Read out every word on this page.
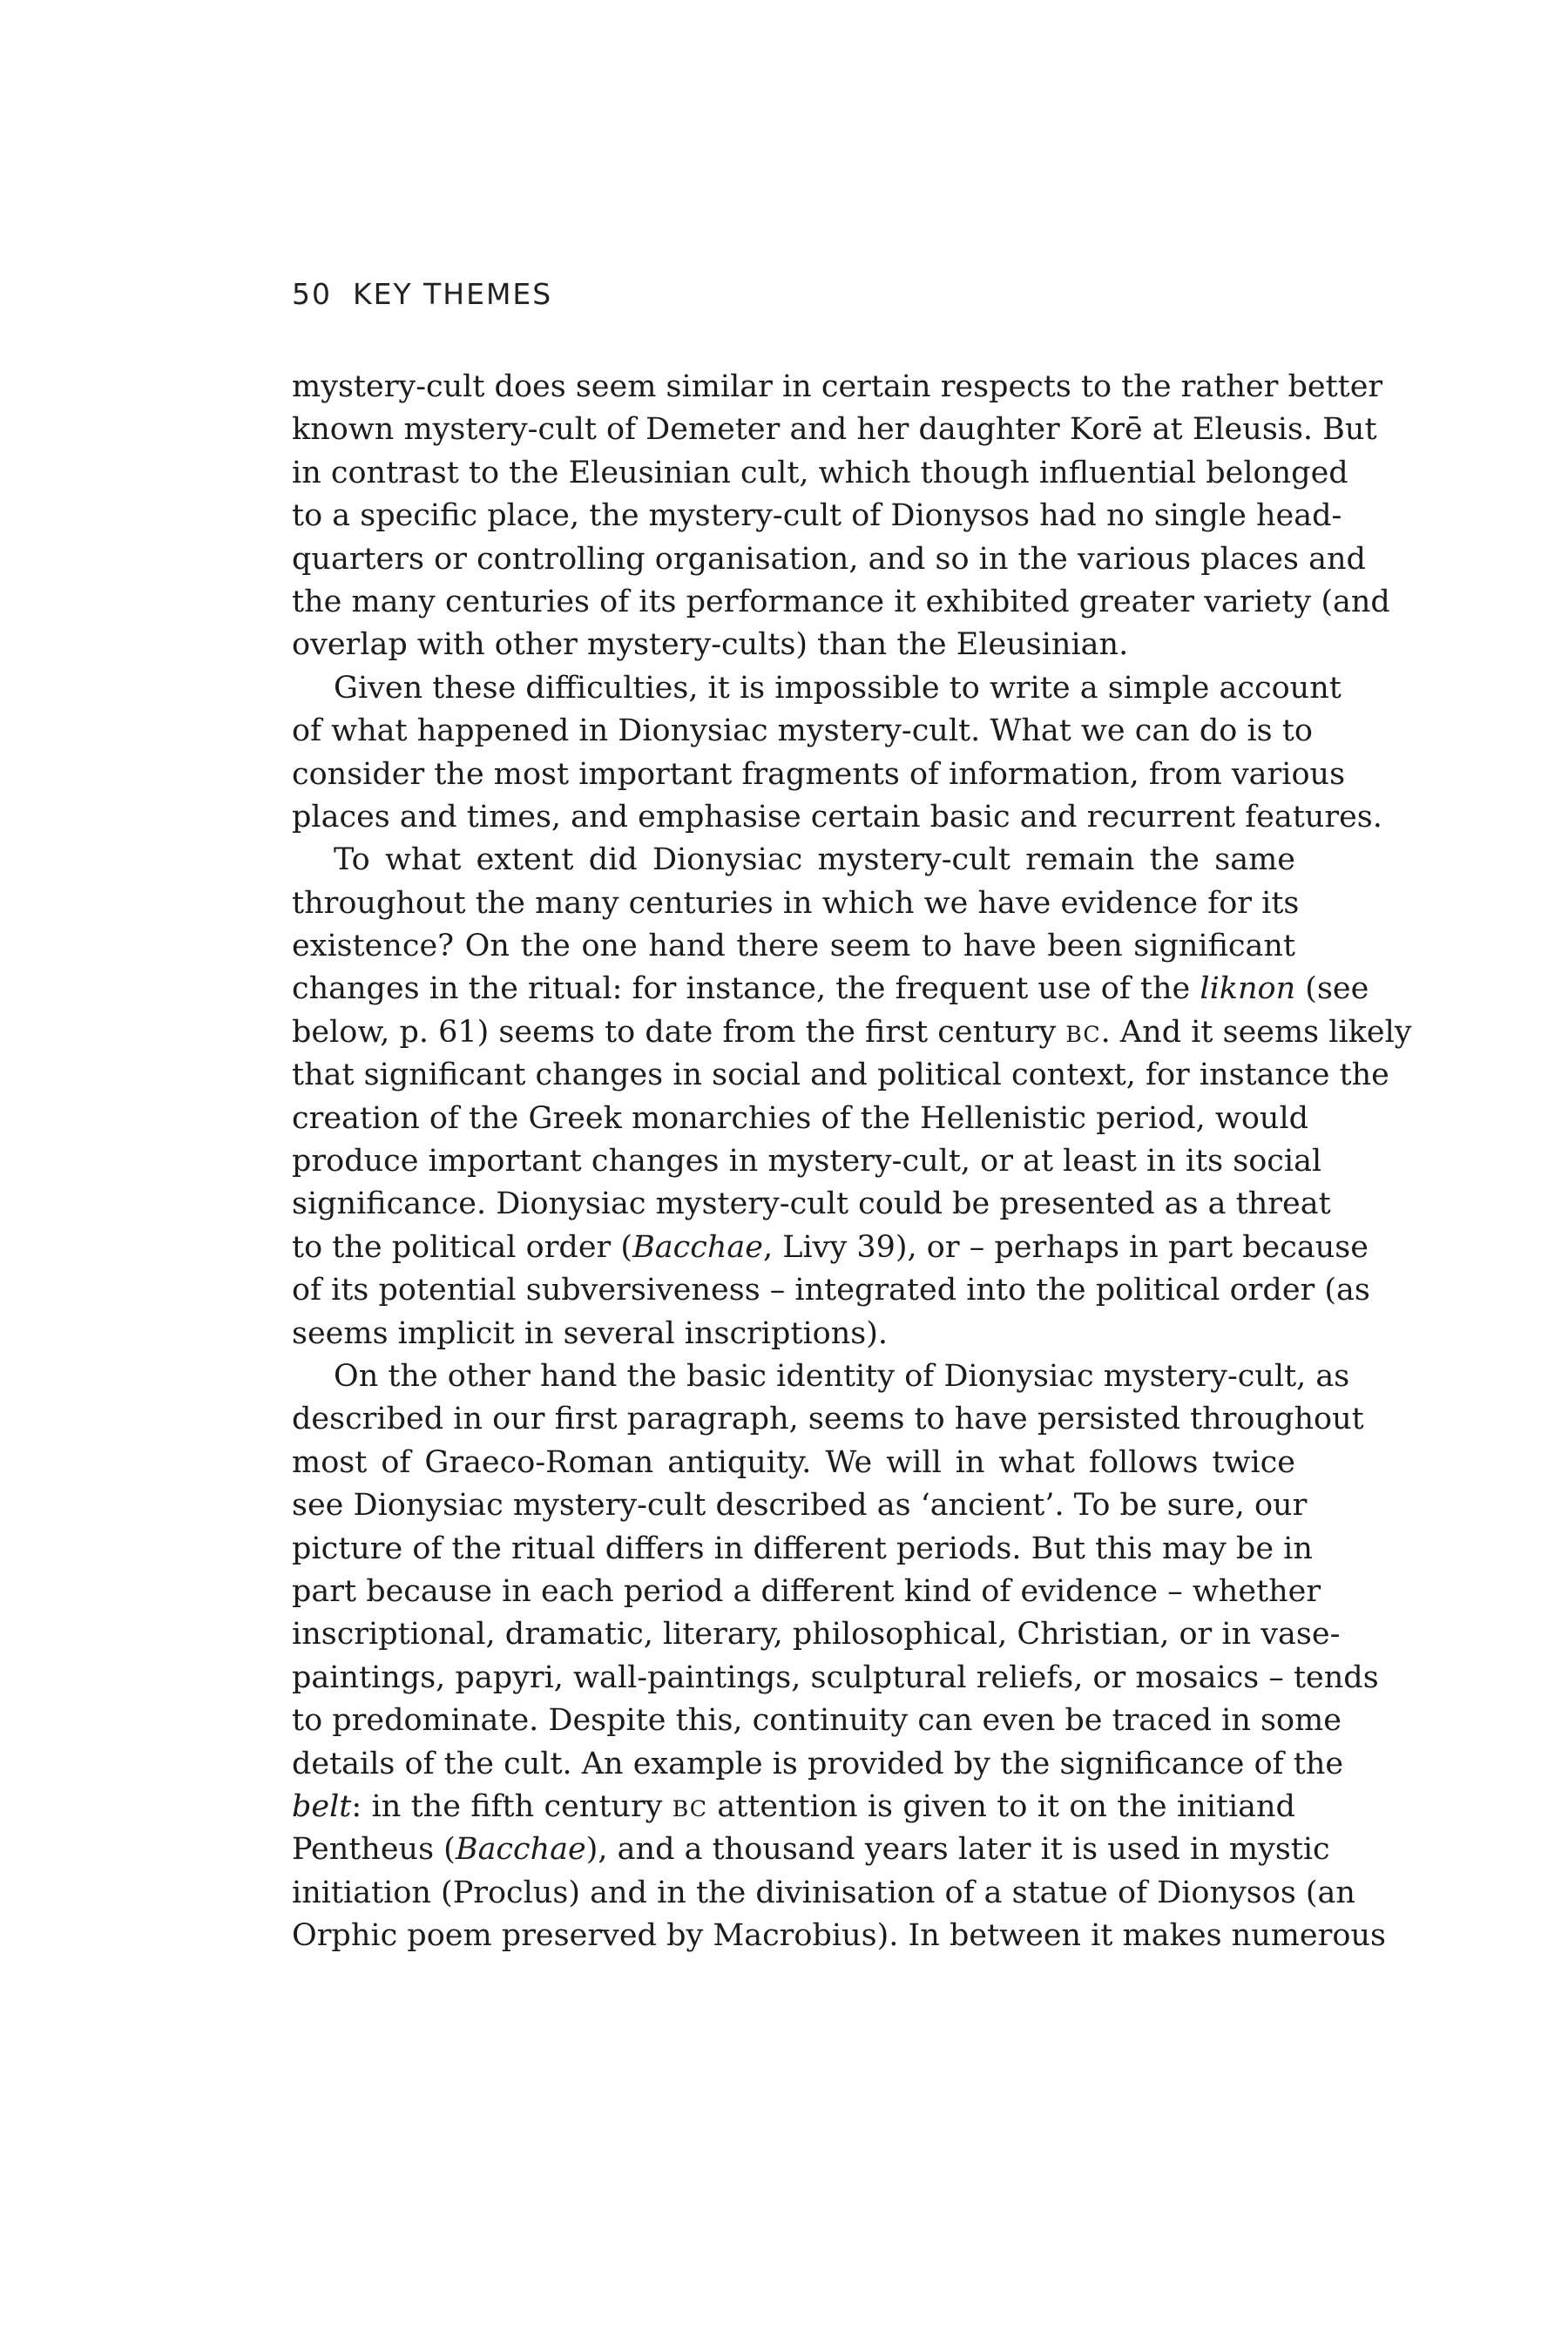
50 KEY THEMES
mystery-cult does seem similar in certain respects to the rather better
known mystery-cult of Demeter and her daughter Korē at Eleusis. But
in contrast to the Eleusinian cult, which though influential belonged
to a specific place, the mystery-cult of Dionysos had no single head-
quarters or controlling organisation, and so in the various places and
the many centuries of its performance it exhibited greater variety (and
overlap with other mystery-cults) than the Eleusinian.
Given these difficulties, it is impossible to write a simple account
of what happened in Dionysiac mystery-cult. What we can do is to
consider the most important fragments of information, from various
places and times, and emphasise certain basic and recurrent features.
To what extent did Dionysiac mystery-cult remain the same
throughout the many centuries in which we have evidence for its
existence? On the one hand there seem to have been significant
changes in the ritual: for instance, the frequent use of the liknon (see
below, p. 61) seems to date from the first century BC. And it seems likely
that significant changes in social and political context, for instance the
creation of the Greek monarchies of the Hellenistic period, would
produce important changes in mystery-cult, or at least in its social
significance. Dionysiac mystery-cult could be presented as a threat
to the political order (Bacchae, Livy 39), or – perhaps in part because
of its potential subversiveness – integrated into the political order (as
seems implicit in several inscriptions).
On the other hand the basic identity of Dionysiac mystery-cult, as
described in our first paragraph, seems to have persisted throughout
most of Graeco-Roman antiquity. We will in what follows twice
see Dionysiac mystery-cult described as ‘ancient’. To be sure, our
picture of the ritual differs in different periods. But this may be in
part because in each period a different kind of evidence – whether
inscriptional, dramatic, literary, philosophical, Christian, or in vase-
paintings, papyri, wall-paintings, sculptural reliefs, or mosaics – tends
to predominate. Despite this, continuity can even be traced in some
details of the cult. An example is provided by the significance of the
belt: in the fifth century BC attention is given to it on the initiand
Pentheus (Bacchae), and a thousand years later it is used in mystic
initiation (Proclus) and in the divinisation of a statue of Dionysos (an
Orphic poem preserved by Macrobius). In between it makes numerous
